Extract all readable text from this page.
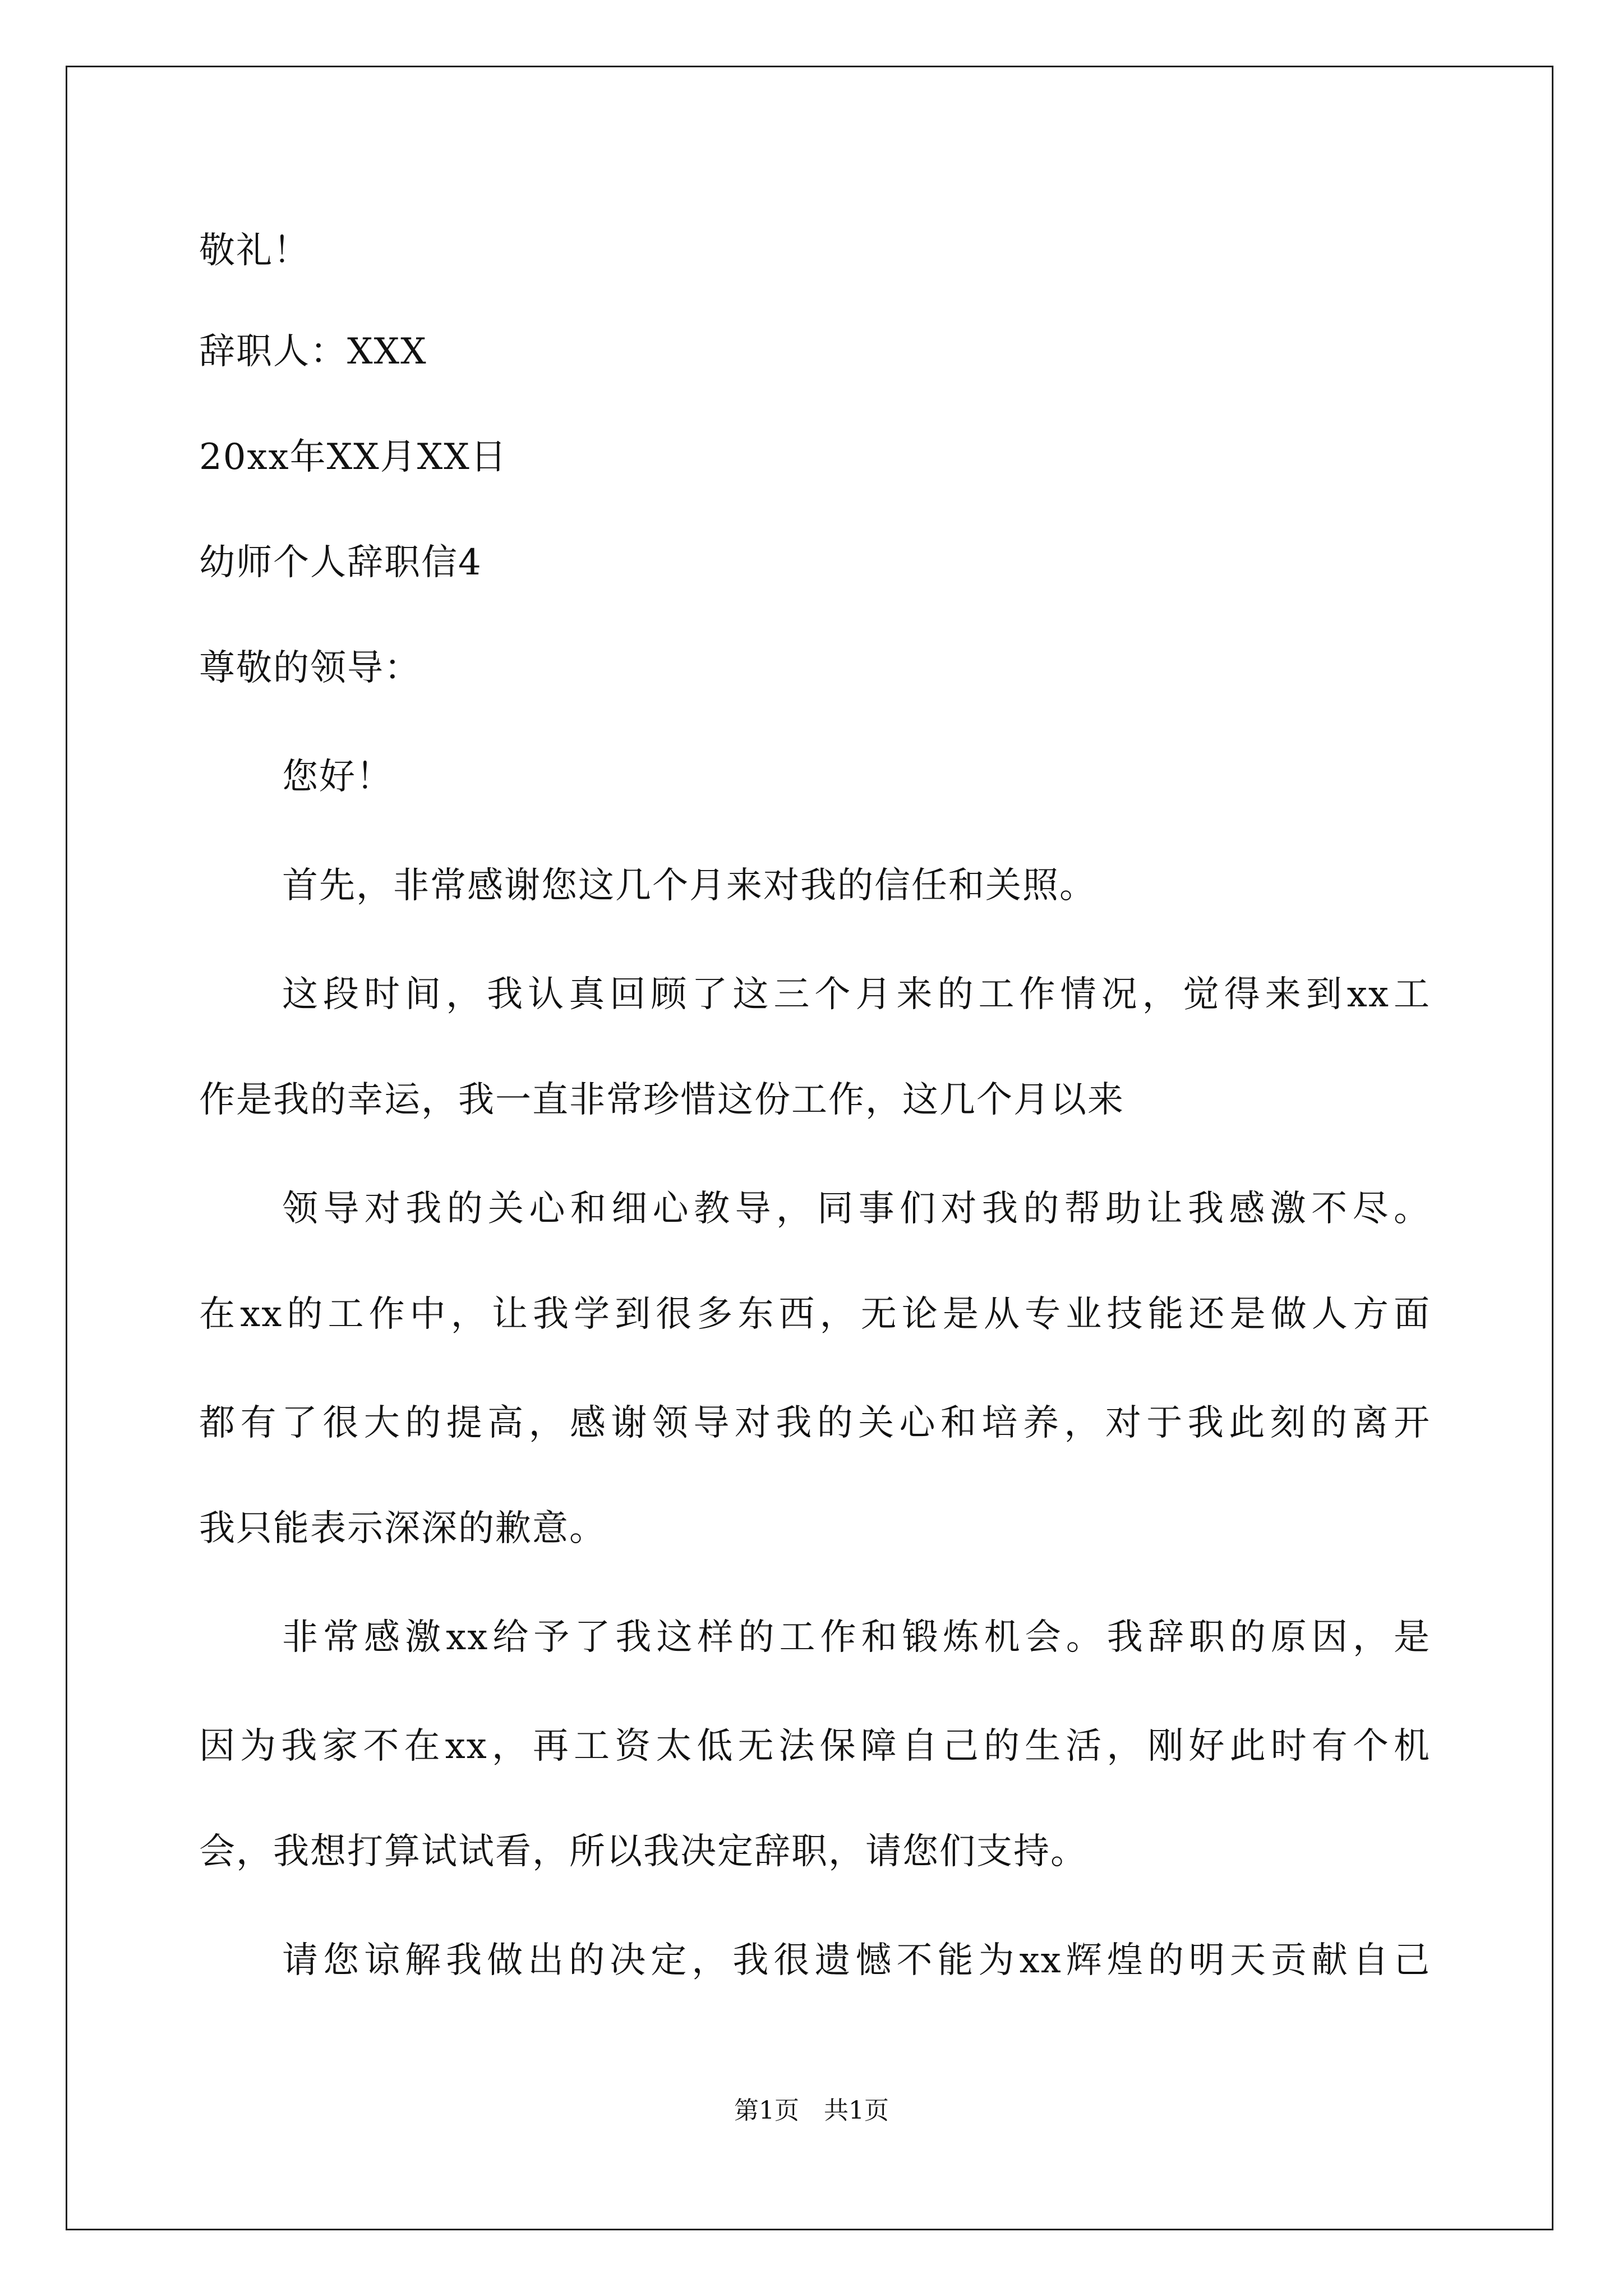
敬礼！
辞职人：XXX
20xx年XX月XX日
幼师个人辞职信4
尊敬的领导：
您好！
首先，非常感谢您这几个月来对我的信任和关照。
这段时间，我认真回顾了这三个月来的工作情况，觉得来到xx工
作是我的幸运，我一直非常珍惜这份工作，这几个月以来
领导对我的关心和细心教导，同事们对我的帮助让我感激不尽。
在xx的工作中，让我学到很多东西，无论是从专业技能还是做人方面
都有了很大的提高，感谢领导对我的关心和培养，对于我此刻的离开
我只能表示深深的歉意。
非常感激xx给予了我这样的工作和锻炼机会。我辞职的原因，是
因为我家不在xx，再工资太低无法保障自己的生活，刚好此时有个机
会，我想打算试试看，所以我决定辞职，请您们支持。
请您谅解我做出的决定，我很遗憾不能为xx辉煌的明天贡献自己
第1页　共1页
